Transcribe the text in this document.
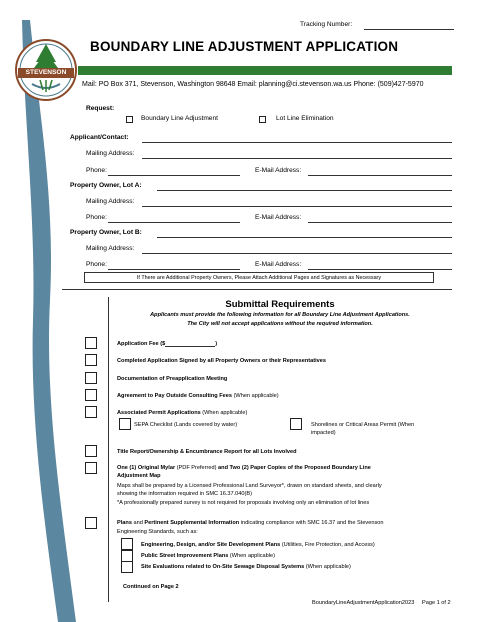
STEVENSON
Tracking Number:
BOUNDARY LINE ADJUSTMENT APPLICATION
Mail: PO Box 371, Stevenson, Washington 98648 Email: planning@ci.stevenson.wa.us Phone: (509)427-5970
Request:
Boundary Line Adjustment	Lot Line Elimination
Applicant/Contact:
Mailing Address:
Phone:	E-Mail Address:
Property Owner, Lot A:
Mailing Address:
Phone:	E-Mail Address:
Property Owner, Lot B:
Mailing Address:
Phone:	E-Mail Address:
If There are Additional Property Owners, Please Attach Additional Pages and Signatures as Necessary
Submittal Requirements
Applicants must provide the following information for all Boundary Line Adjustment Applications.
The City will not accept applications without the required information.
Application Fee ($	)
Completed Application Signed by all Property Owners or their Representatives
Documentation of Preapplication Meeting
Agreement to Pay Outside Consulting Fees (When applicable)
Associated Permit Applications (When applicable)
SEPA Checklist (Lands covered by water)	Shorelines or Critical Areas Permit (When
impacted)
Title Report/Ownership & Encumbrance Report for all Lots Involved
One (1) Original Mylar (PDF Preferred) and Two (2) Paper Copies of the Proposed Boundary Line
Adjustment Map
Maps shall be prepared by a Licensed Professional Land Surveyor*, drawn on standard sheets, and clearly
showing the information required in SMC 16.37.040(B)
*A professionally prepared survey is not required for proposals involving only an elimination of lot lines
Plans and Pertinent Supplemental Information indicating compliance with SMC 16.37 and the Stevenson
Engineering Standards, such as:
Engineering, Design, and/or Site Development Plans (Utilities, Fire Protection, and Access)
Public Street Improvement Plans (When applicable)
Site Evaluations related to On-Site Sewage Disposal Systems (When applicable)
Continued on Page 2
BoundaryLineAdjustmentApplication2023 Page 1 of 2
